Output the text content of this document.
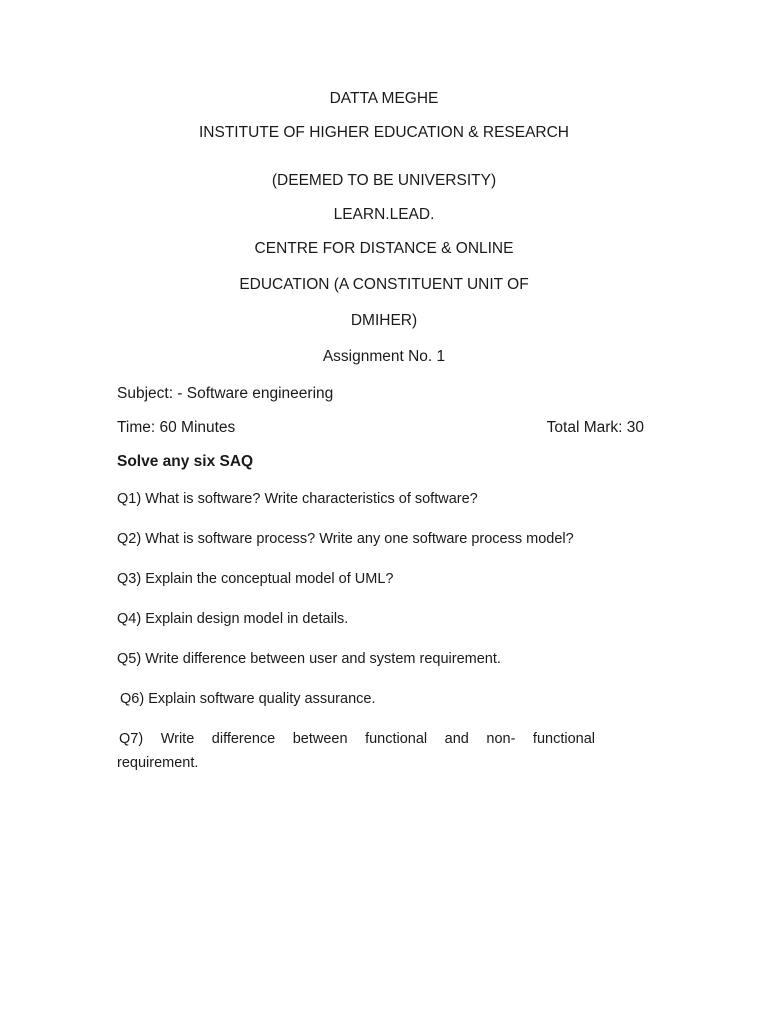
DATTA MEGHE
INSTITUTE OF HIGHER EDUCATION & RESEARCH
(DEEMED TO BE UNIVERSITY)
LEARN.LEAD.
CENTRE FOR DISTANCE & ONLINE
EDUCATION (A CONSTITUENT UNIT OF
DMIHER)
Assignment No. 1
Subject: - Software engineering
Time: 60 Minutes	Total Mark: 30
Solve any six SAQ
Q1) What is software? Write characteristics of software?
Q2) What is software process? Write any one software process model?
Q3) Explain the conceptual model of UML?
Q4) Explain design model in details.
Q5) Write difference between user and system requirement.
Q6) Explain software quality assurance.
Q7) Write difference between functional and non- functional
requirement.
